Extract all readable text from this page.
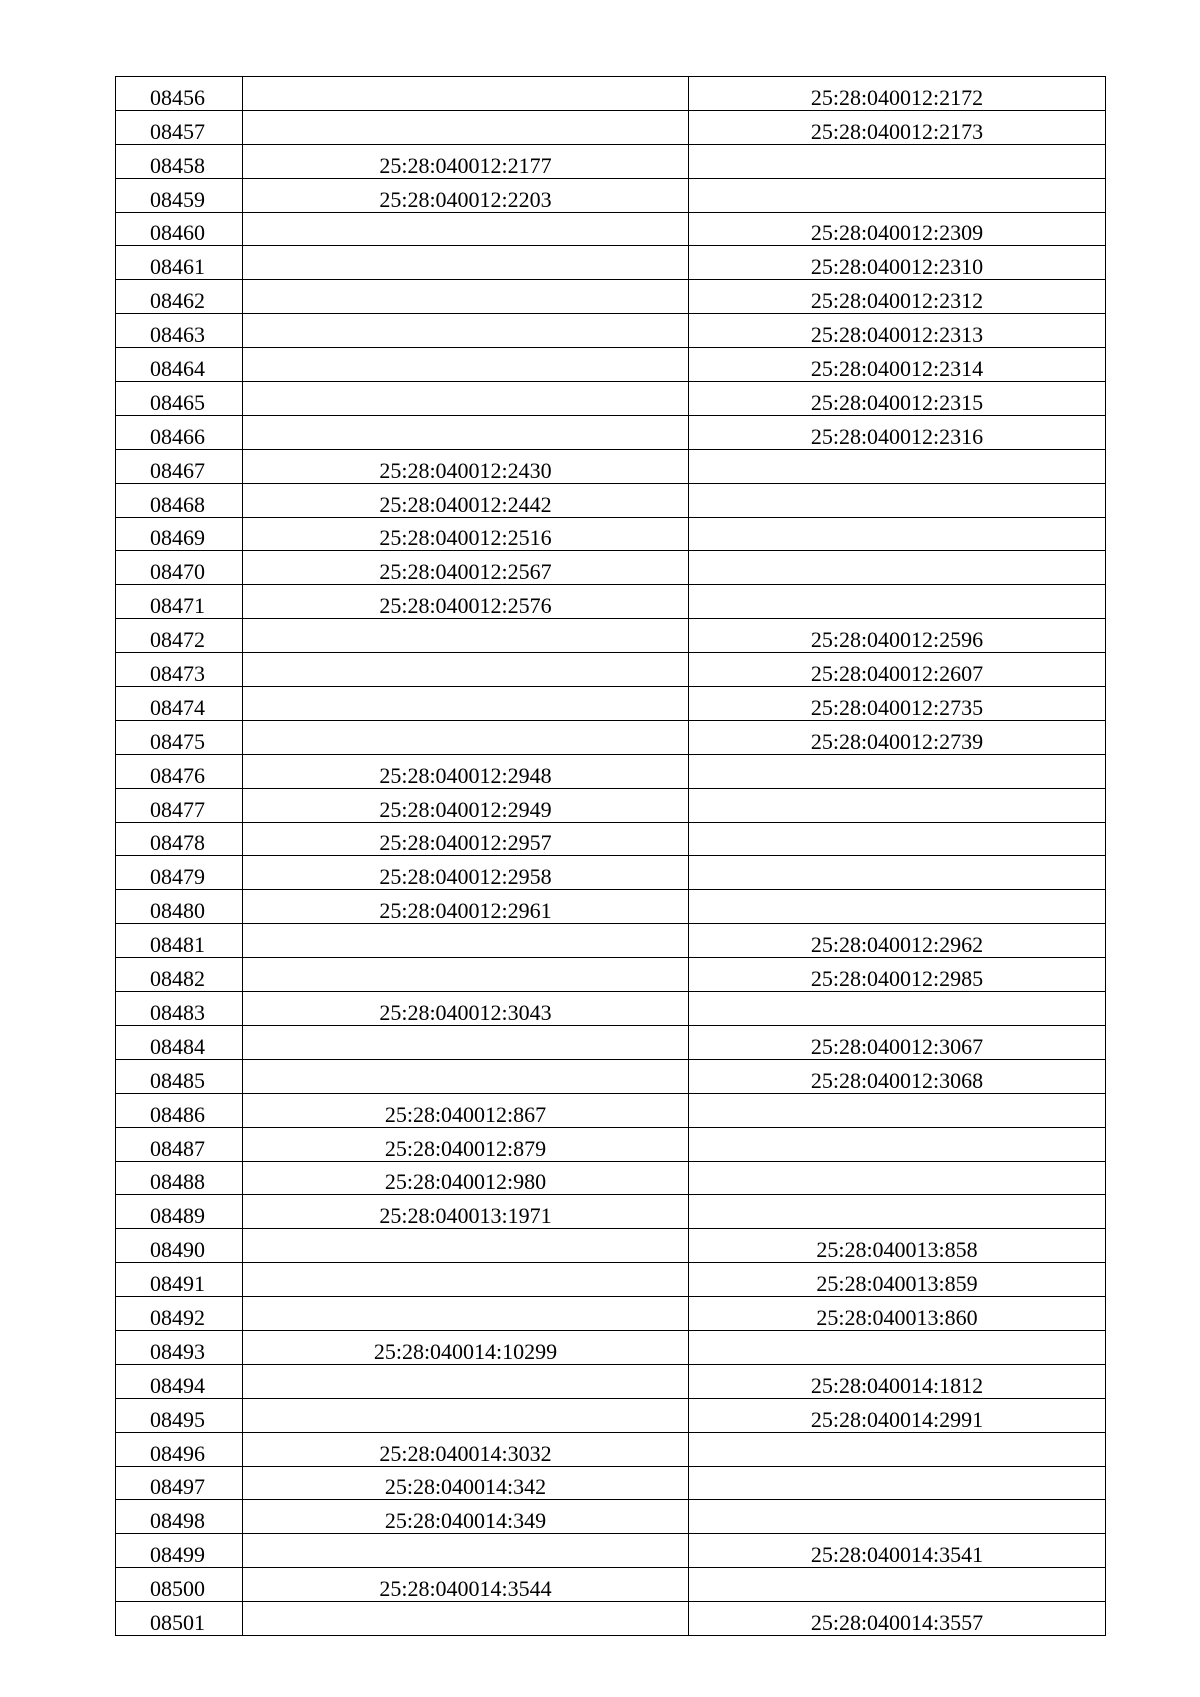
08456		25:28:040012:2172
08457		25:28:040012:2173
08458	25:28:040012:2177	
08459	25:28:040012:2203	
08460		25:28:040012:2309
08461		25:28:040012:2310
08462		25:28:040012:2312
08463		25:28:040012:2313
08464		25:28:040012:2314
08465		25:28:040012:2315
08466		25:28:040012:2316
08467	25:28:040012:2430	
08468	25:28:040012:2442	
08469	25:28:040012:2516	
08470	25:28:040012:2567	
08471	25:28:040012:2576	
08472		25:28:040012:2596
08473		25:28:040012:2607
08474		25:28:040012:2735
08475		25:28:040012:2739
08476	25:28:040012:2948	
08477	25:28:040012:2949	
08478	25:28:040012:2957	
08479	25:28:040012:2958	
08480	25:28:040012:2961	
08481		25:28:040012:2962
08482		25:28:040012:2985
08483	25:28:040012:3043	
08484		25:28:040012:3067
08485		25:28:040012:3068
08486	25:28:040012:867	
08487	25:28:040012:879	
08488	25:28:040012:980	
08489	25:28:040013:1971	
08490		25:28:040013:858
08491		25:28:040013:859
08492		25:28:040013:860
08493	25:28:040014:10299	
08494		25:28:040014:1812
08495		25:28:040014:2991
08496	25:28:040014:3032	
08497	25:28:040014:342	
08498	25:28:040014:349	
08499		25:28:040014:3541
08500	25:28:040014:3544	
08501		25:28:040014:3557
